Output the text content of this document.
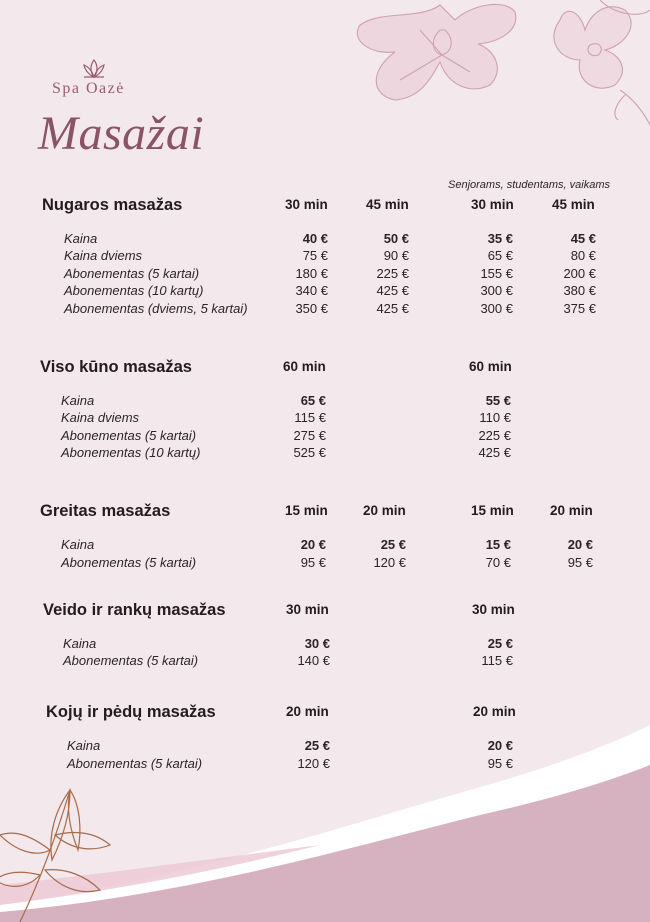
Spa Oazė
Masažai
Senjorams, studentams, vaikams
Nugaros masažas	30 min	45 min	30 min	45 min
Kaina	40 €	50 €	35 €	45 €
Kaina dviems	75 €	90 €	65 €	80 €
Abonementas (5 kartai)	180 €	225 €	155 €	200 €
Abonementas (10 kartų)	340 €	425 €	300 €	380 €
Abonementas (dviems, 5 kartai)	350 €	425 €	300 €	375 €
Viso kūno masažas	60 min	60 min
Kaina	65 €	55 €
Kaina dviems	115 €	110 €
Abonementas (5 kartai)	275 €	225 €
Abonementas (10 kartų)	525 €	425 €
Greitas masažas	15 min	20 min	15 min	20 min
Kaina	20 €	25 €	15 €	20 €
Abonementas (5 kartai)	95 €	120 €	70 €	95 €
Veido ir rankų masažas	30 min	30 min
Kaina	30 €	25 €
Abonementas (5 kartai)	140 €	115 €
Kojų ir pėdų masažas	20 min	20 min
Kaina	25 €	20 €
Abonementas (5 kartai)	120 €	95 €
